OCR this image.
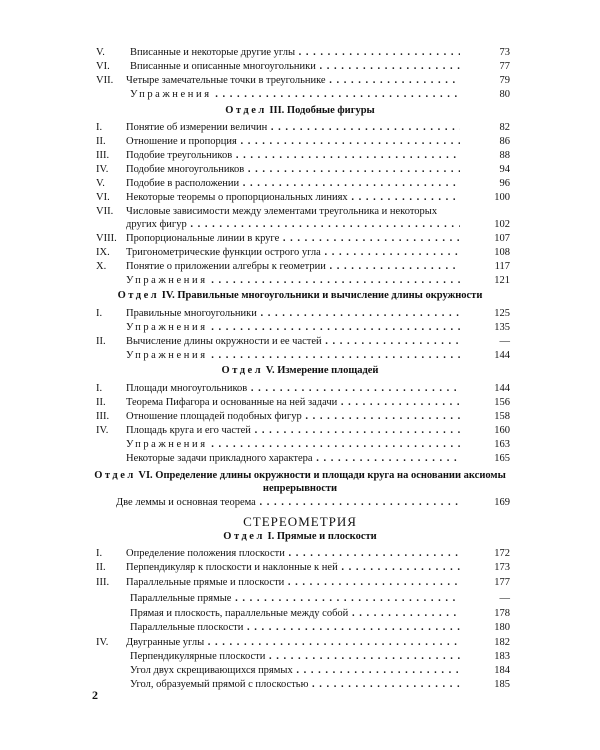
V.	Вписанные и некоторые другие углы . .	73
VI.	Вписанные и описанные многоугольники . .	77
VII.	Четыре замечательные точки в треугольнике . .	79
Упражнения . .	80
Отдел III. Подобные фигуры
I.	Понятие об измерении величин . .	82
II.	Отношение и пропорция . .	86
III.	Подобие треугольников . .	88
IV.	Подобие многоугольников . .	94
V.	Подобие в расположении . .	96
VI.	Некоторые теоремы о пропорциональных линиях . .	100
VII.	Числовые зависимости между элементами треугольника и некоторых
других фигур . .	102
VIII. Пропорциональные линии в круге . .	107
IX.	Тригонометрические функции острого угла . .	108
X.	Понятие о приложении алгебры к геометрии . .	117
Упражнения . .	121
Отдел IV. Правильные многоугольники и вычисление длины окружности
I.	Правильные многоугольники . .	125
Упражнения . .	135
II.	Вычисление длины окружности и ее частей . .	—
Упражнения . .	144
Отдел V. Измерение площадей
I.	Площади многоугольников . .	144
II.	Теорема Пифагора и основанные на ней задачи . .	156
III.	Отношение площадей подобных фигур . .	158
IV.	Площадь круга и его частей . .	160
Упражнения . .	163
Некоторые задачи прикладного характера . .	165
Отдел VI. Определение длины окружности и площади круга на основании аксиомы
непрерывности
Две леммы и основная теорема . .	169
СТЕРЕОМЕТРИЯ
Отдел I. Прямые и плоскости
I.	Определение положения плоскости . .	172
II.	Перпендикуляр к плоскости и наклонные к ней . .	173
III.	Параллельные прямые и плоскости . .	177
Параллельные прямые . .	—
Прямая и плоскость, параллельные между собой . .	178
Параллельные плоскости . .	180
IV.	Двугранные углы . .	182
Перпендикулярные плоскости . .	183
Угол двух скрещивающихся прямых . .	184
Угол, образуемый прямой с плоскостью . .	185
2
